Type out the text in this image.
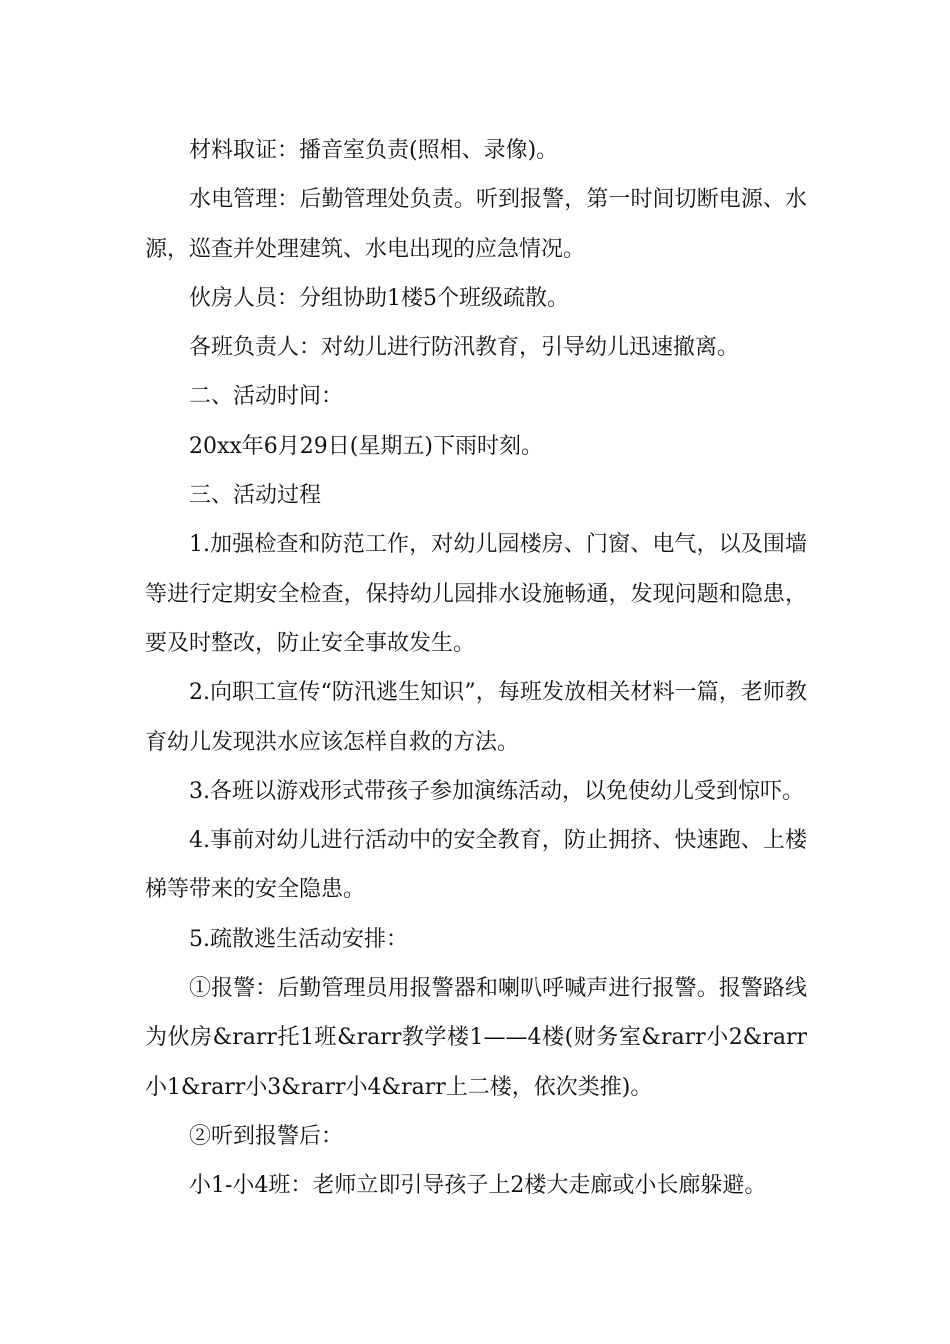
材料取证：播音室负责(照相、录像)。

水电管理：后勤管理处负责。听到报警，第一时间切断电源、水源，巡查并处理建筑、水电出现的应急情况。

伙房人员：分组协助1楼5个班级疏散。

各班负责人：对幼儿进行防汛教育，引导幼儿迅速撤离。

二、活动时间：

20xx年6月29日(星期五)下雨时刻。

三、活动过程

1.加强检查和防范工作，对幼儿园楼房、门窗、电气，以及围墙等进行定期安全检查，保持幼儿园排水设施畅通，发现问题和隐患，要及时整改，防止安全事故发生。

2.向职工宣传“防汛逃生知识”，每班发放相关材料一篇，老师教育幼儿发现洪水应该怎样自救的方法。

3.各班以游戏形式带孩子参加演练活动，以免使幼儿受到惊吓。

4.事前对幼儿进行活动中的安全教育，防止拥挤、快速跑、上楼梯等带来的安全隐患。

5.疏散逃生活动安排：

①报警：后勤管理员用报警器和喇叭呼喊声进行报警。报警路线为伙房&rarr托1班&rarr教学楼1——4楼(财务室&rarr小2&rarr小1&rarr小3&rarr小4&rarr上二楼，依次类推)。

②听到报警后：

小1-小4班：老师立即引导孩子上2楼大走廊或小长廊躲避。
